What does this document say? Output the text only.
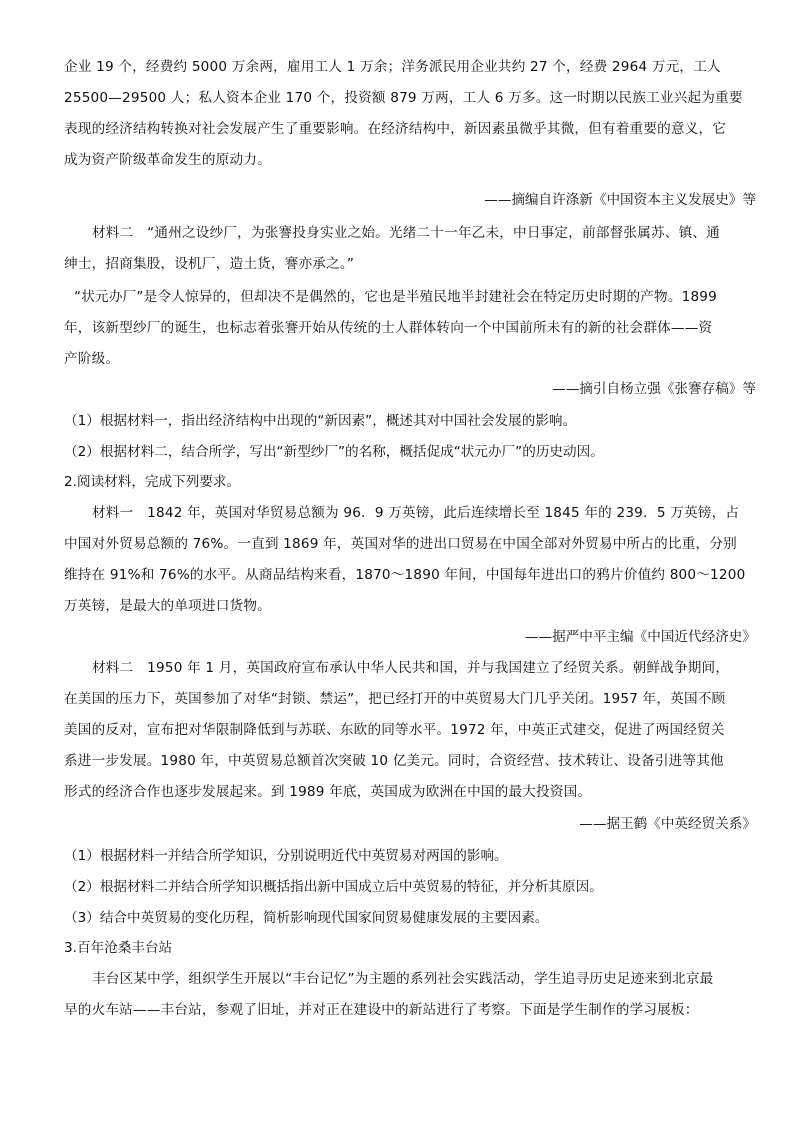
企业 19 个，经费约 5000 万余两，雇用工人 1 万余；洋务派民用企业共约 27 个，经费 2964 万元，工人
25500—29500 人；私人资本企业 170 个，投资额 879 万两，工人 6 万多。这一时期以民族工业兴起为重要
表现的经济结构转换对社会发展产生了重要影响。在经济结构中，新因素虽微乎其微，但有着重要的意义，它
成为资产阶级革命发生的原动力。
——摘编自许涤新《中国资本主义发展史》等
材料二　“通州之设纱厂，为张謇投身实业之始。光绪二十一年乙未，中日事定，前部督张属苏、镇、通
绅士，招商集股，设机厂，造土货，謇亦承之。”
“状元办厂”是令人惊异的，但却决不是偶然的，它也是半殖民地半封建社会在特定历史时期的产物。1899
年，该新型纱厂的诞生，也标志着张謇开始从传统的士人群体转向一个中国前所未有的新的社会群体——资
产阶级。
——摘引自杨立强《张謇存稿》等
（1）根据材料一，指出经济结构中出现的“新因素”，概述其对中国社会发展的影响。
（2）根据材料二，结合所学，写出“新型纱厂”的名称，概括促成“状元办厂”的历史动因。
2.阅读材料，完成下列要求。
材料一　1842 年，英国对华贸易总额为 96．9 万英镑，此后连续增长至 1845 年的 239．5 万英镑，占
中国对外贸易总额的 76%。一直到 1869 年，英国对华的进出口贸易在中国全部对外贸易中所占的比重，分别
维持在 91%和 76%的水平。从商品结构来看，1870～1890 年间，中国每年进出口的鸦片价值约 800～1200
万英镑，是最大的单项进口货物。
——据严中平主编《中国近代经济史》
材料二　1950 年 1 月，英国政府宣布承认中华人民共和国，并与我国建立了经贸关系。朝鲜战争期间，
在美国的压力下，英国参加了对华“封锁、禁运”，把已经打开的中英贸易大门几乎关闭。1957 年，英国不顾
美国的反对，宣布把对华限制降低到与苏联、东欧的同等水平。1972 年，中英正式建交，促进了两国经贸关
系进一步发展。1980 年，中英贸易总额首次突破 10 亿美元。同时，合资经营、技术转让、设备引进等其他
形式的经济合作也逐步发展起来。到 1989 年底，英国成为欧洲在中国的最大投资国。
——据王鹤《中英经贸关系》
（1）根据材料一并结合所学知识，分别说明近代中英贸易对两国的影响。
（2）根据材料二并结合所学知识概括指出新中国成立后中英贸易的特征，并分析其原因。
（3）结合中英贸易的变化历程，简析影响现代国家间贸易健康发展的主要因素。
3.百年沧桑丰台站
丰台区某中学，组织学生开展以“丰台记忆”为主题的系列社会实践活动，学生追寻历史足迹来到北京最
早的火车站——丰台站，参观了旧址，并对正在建设中的新站进行了考察。下面是学生制作的学习展板：
